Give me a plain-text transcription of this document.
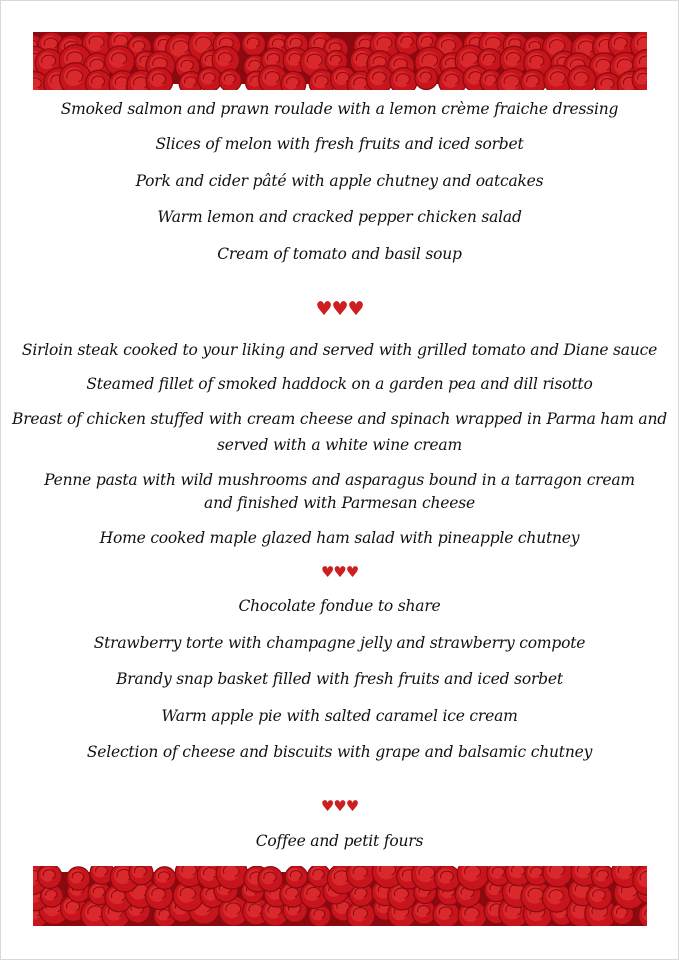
Smoked salmon and prawn roulade with a lemon crème fraiche dressing
Slices of melon with fresh fruits and iced sorbet
Pork and cider pâté with apple chutney and oatcakes
Warm lemon and cracked pepper chicken salad
Cream of tomato and basil soup
♥♥♥
Sirloin steak cooked to your liking and served with grilled tomato and Diane sauce
Steamed fillet of smoked haddock on a garden pea and dill risotto
Breast of chicken stuffed with cream cheese and spinach wrapped in Parma ham and
served with a white wine cream
Penne pasta with wild mushrooms and asparagus bound in a tarragon cream
and finished with Parmesan cheese
Home cooked maple glazed ham salad with pineapple chutney
♥♥♥
Chocolate fondue to share
Strawberry torte with champagne jelly and strawberry compote
Brandy snap basket filled with fresh fruits and iced sorbet
Warm apple pie with salted caramel ice cream
Selection of cheese and biscuits with grape and balsamic chutney
♥♥♥
Coffee and petit fours
